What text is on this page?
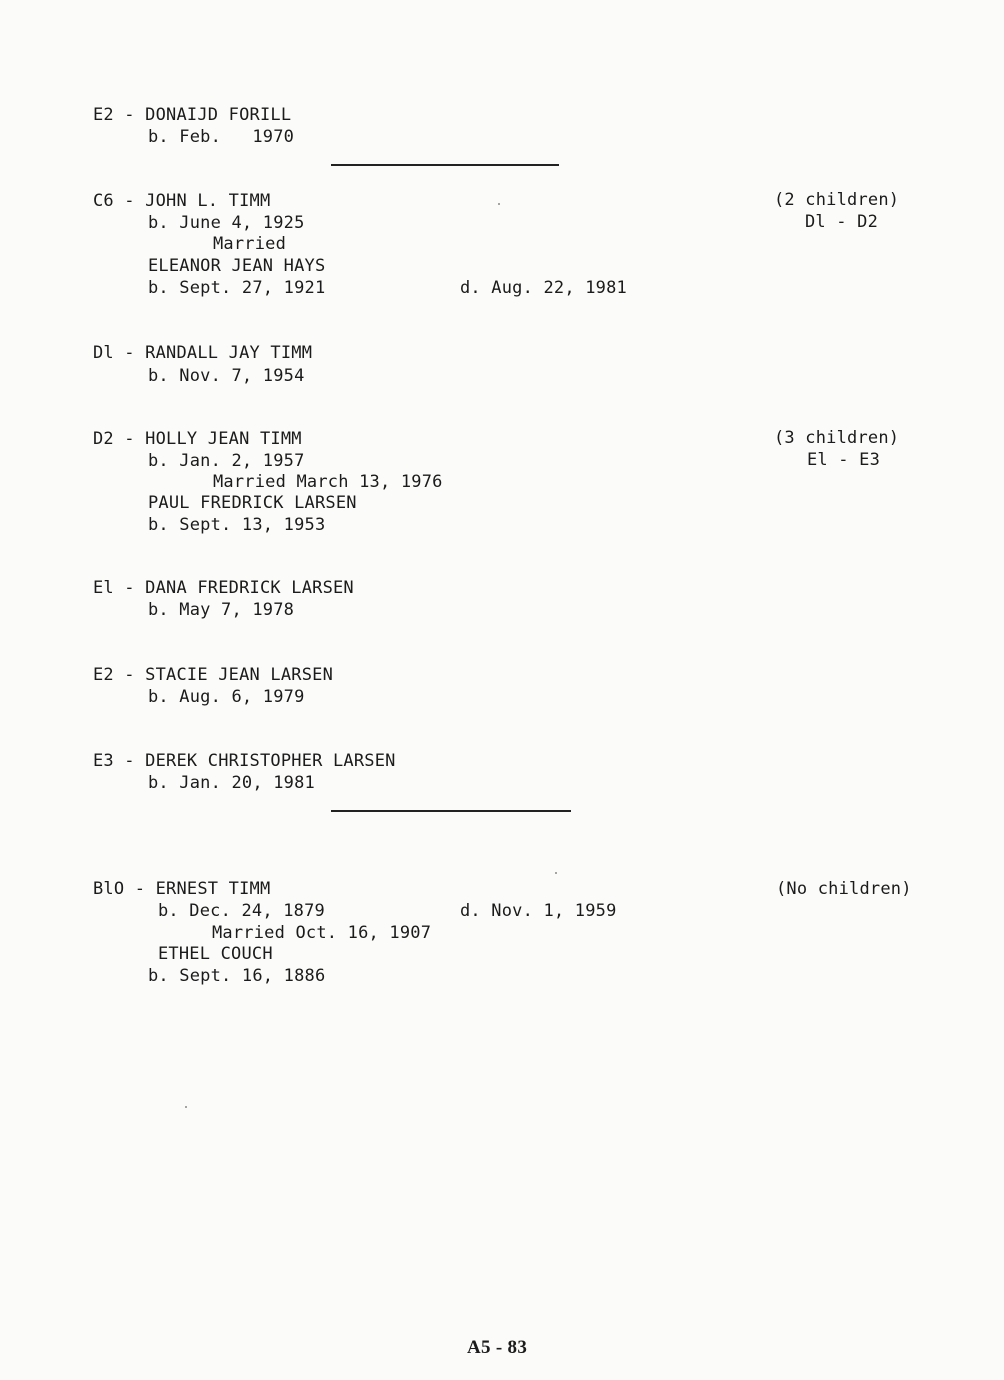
E2 - DONAIJD FORILL
b. Feb.   1970
C6 - JOHN L. TIMM
b. June 4, 1925
Married
ELEANOR JEAN HAYS
b. Sept. 27, 1921	d. Aug. 22, 1981
(2 children)
Dl - D2
Dl - RANDALL JAY TIMM
b. Nov. 7, 1954
D2 - HOLLY JEAN TIMM
b. Jan. 2, 1957
Married March 13, 1976
PAUL FREDRICK LARSEN
b. Sept. 13, 1953
(3 children)
El - E3
El - DANA FREDRICK LARSEN
b. May 7, 1978
E2 - STACIE JEAN LARSEN
b. Aug. 6, 1979
E3 - DEREK CHRISTOPHER LARSEN
b. Jan. 20, 1981
BlO - ERNEST TIMM
b. Dec. 24, 1879	d. Nov. 1, 1959
Married Oct. 16, 1907
ETHEL COUCH
b. Sept. 16, 1886
(No children)
A5 - 83
